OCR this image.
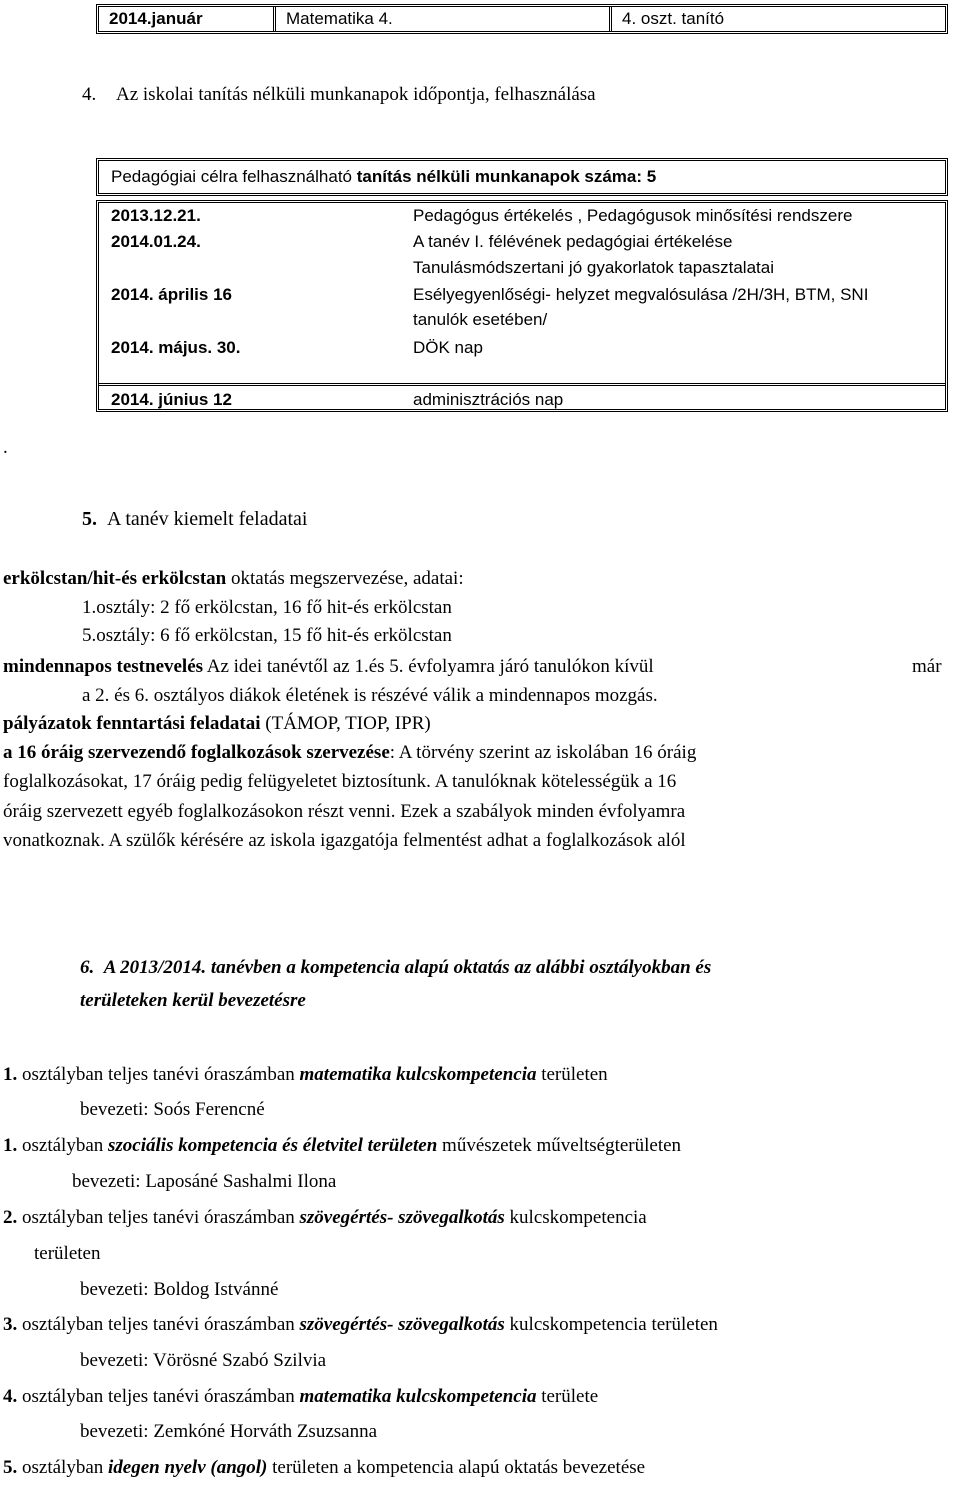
2014.január	Matematika 4.	4. oszt. tanító
4. Az iskolai tanítás nélküli munkanapok időpontja, felhasználása
Pedagógiai célra felhasználható tanítás nélküli munkanapok száma: 5
2013.12.21.	Pedagógus értékelés , Pedagógusok minősítési rendszere
2014.01.24.	A tanév I. félévének pedagógiai értékelése
Tanulásmódszertani jó gyakorlatok tapasztalatai
2014. április 16	Esélyegyenlőségi- helyzet megvalósulása /2H/3H, BTM, SNI
tanulók esetében/
2014. május. 30.	DÖK nap
2014. június 12	adminisztrációs nap
.
5. A tanév kiemelt feladatai
erkölcstan/hit-és erkölcstan oktatás megszervezése, adatai:
1.osztály: 2 fő erkölcstan, 16 fő hit-és erkölcstan
5.osztály: 6 fő erkölcstan, 15 fő hit-és erkölcstan
mindennapos testnevelés Az idei tanévtől az 1.és 5. évfolyamra járó tanulókon kívül	már
a 2. és 6. osztályos diákok életének is részévé válik a mindennapos mozgás.
pályázatok fenntartási feladatai (TÁMOP, TIOP, IPR)
a 16 óráig szervezendő foglalkozások szervezése: A törvény szerint az iskolában 16 óráig
foglalkozásokat, 17 óráig pedig felügyeletet biztosítunk. A tanulóknak kötelességük a 16
óráig szervezett egyéb foglalkozásokon részt venni. Ezek a szabályok minden évfolyamra
vonatkoznak. A szülők kérésére az iskola igazgatója felmentést adhat a foglalkozások alól
6. A 2013/2014. tanévben a kompetencia alapú oktatás az alábbi osztályokban és
területeken kerül bevezetésre
1. osztályban teljes tanévi óraszámban matematika kulcskompetencia területen
bevezeti: Soós Ferencné
1. osztályban szociális kompetencia és életvitel területen művészetek műveltségterületen
bevezeti: Laposáné Sashalmi Ilona
2. osztályban teljes tanévi óraszámban szövegértés- szövegalkotás kulcskompetencia
területen
bevezeti: Boldog Istvánné
3. osztályban teljes tanévi óraszámban szövegértés- szövegalkotás kulcskompetencia területen
bevezeti: Vörösné Szabó Szilvia
4. osztályban teljes tanévi óraszámban matematika kulcskompetencia területe
bevezeti: Zemkóné Horváth Zsuzsanna
5. osztályban idegen nyelv (angol) területen a kompetencia alapú oktatás bevezetése
